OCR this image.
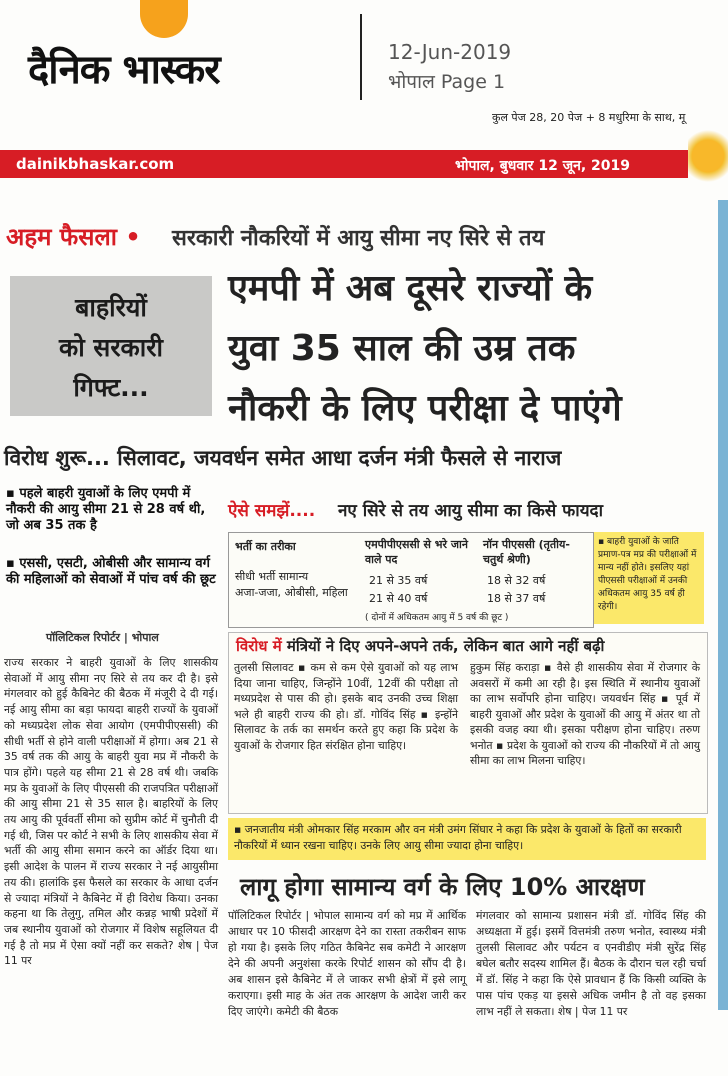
दैनिक भास्कर	12-Jun-2019
भोपाल Page 1
कुल पेज 28, 20 पेज + 8 मधुरिमा के साथ, मू
dainikbhaskar.com	भोपाल, बुधवार 12 जून, 2019
अहम फैसला • सरकारी नौकरियों में आयु सीमा नए सिरे से तय
बाहरियों
को सरकारी
गिफ्ट...
एमपी में अब दूसरे राज्यों के
युवा 35 साल की उम्र तक
नौकरी के लिए परीक्षा दे पाएंगे
विरोध शुरू... सिलावट, जयवर्धन समेत आधा दर्जन मंत्री फैसले से नाराज
▪ पहले बाहरी युवाओं के लिए एमपी में नौकरी की आयु सीमा 21 से 28 वर्ष थी, जो अब 35 तक है
▪ एससी, एसटी, ओबीसी और सामान्य वर्ग की महिलाओं को सेवाओं में पांच वर्ष की छूट
पॉलिटिकल रिपोर्टर | भोपाल
राज्य सरकार ने बाहरी युवाओं के लिए शासकीय सेवाओं में आयु सीमा नए सिरे से तय कर दी है। इसे मंगलवार को हुई कैबिनेट की बैठक में मंजूरी दे दी गई। नई आयु सीमा का बड़ा फायदा बाहरी राज्यों के युवाओं को मध्यप्रदेश लोक सेवा आयोग (एमपीपीएससी) की सीधी भर्ती से होने वाली परीक्षाओं में होगा। अब 21 से 35 वर्ष तक की आयु के बाहरी युवा मप्र में नौकरी के पात्र होंगे। पहले यह सीमा 21 से 28 वर्ष थी। जबकि मप्र के युवाओं के लिए पीएससी की राजपत्रित परीक्षाओं की आयु सीमा 21 से 35 साल है। बाहरियों के लिए तय आयु की पूर्ववर्ती सीमा को सुप्रीम कोर्ट में चुनौती दी गई थी, जिस पर कोर्ट ने सभी के लिए शासकीय सेवा में भर्ती की आयु सीमा समान करने का ऑर्डर दिया था। इसी आदेश के पालन में राज्य सरकार ने नई आयुसीमा तय की। हालांकि इस फैसले का सरकार के आधा दर्जन से ज्यादा मंत्रियों ने कैबिनेट में ही विरोध किया। उनका कहना था कि तेलुगु, तमिल और कन्नड़ भाषी प्रदेशों में जब स्थानीय युवाओं को रोजगार में विशेष सहूलियत दी गई है तो मप्र में ऐसा क्यों नहीं कर सकते? शेष | पेज 11 पर
ऐसे समझें.... नए सिरे से तय आयु सीमा का किसे फायदा
भर्ती का तरीका
सीधी भर्ती सामान्य
अजा-जजा, ओबीसी, महिला
एमपीपीएससी से भरे जाने वाले पद
21 से 35 वर्ष
21 से 40 वर्ष
नॉन पीएससी (तृतीय-चतुर्थ श्रेणी)
18 से 32 वर्ष
18 से 37 वर्ष
( दोनों में अधिकतम आयु में 5 वर्ष की छूट )
▪ बाहरी युवाओं के जाति प्रमाण-पत्र मप्र की परीक्षाओं में मान्य नहीं होते। इसलिए यहां पीएससी परीक्षाओं में उनकी अधिकतम आयु 35 वर्ष ही रहेगी।
विरोध में मंत्रियों ने दिए अपने-अपने तर्क, लेकिन बात आगे नहीं बढ़ी
तुलसी सिलावट ▪ कम से कम ऐसे युवाओं को यह लाभ दिया जाना चाहिए, जिन्होंने 10वीं, 12वीं की परीक्षा तो मध्यप्रदेश से पास की हो। इसके बाद उनकी उच्च शिक्षा भले ही बाहरी राज्य की हो। डॉ. गोविंद सिंह ▪ इन्होंने सिलावट के तर्क का समर्थन करते हुए कहा कि प्रदेश के युवाओं के रोजगार हित संरक्षित होना चाहिए।
हुकुम सिंह कराड़ा ▪ वैसे ही शासकीय सेवा में रोजगार के अवसरों में कमी आ रही है। इस स्थिति में स्थानीय युवाओं का लाभ सर्वोपरि होना चाहिए। जयवर्धन सिंह ▪ पूर्व में बाहरी युवाओं और प्रदेश के युवाओं की आयु में अंतर था तो इसकी वजह क्या थी। इसका परीक्षण होना चाहिए। तरुण भनोत ▪ प्रदेश के युवाओं को राज्य की नौकरियों में तो आयु सीमा का लाभ मिलना चाहिए।
▪ जनजातीय मंत्री ओमकार सिंह मरकाम और वन मंत्री उमंग सिंघार ने कहा कि प्रदेश के युवाओं के हितों का सरकारी नौकरियों में ध्यान रखना चाहिए। उनके लिए आयु सीमा ज्यादा होना चाहिए।
लागू होगा सामान्य वर्ग के लिए 10% आरक्षण
पॉलिटिकल रिपोर्टर | भोपाल सामान्य वर्ग को मप्र में आर्थिक आधार पर 10 फीसदी आरक्षण देने का रास्ता तकरीबन साफ हो गया है। इसके लिए गठित कैबिनेट सब कमेटी ने आरक्षण देने की अपनी अनुशंसा करके रिपोर्ट शासन को सौंप दी है। अब शासन इसे कैबिनेट में ले जाकर सभी क्षेत्रों में इसे लागू कराएगा। इसी माह के अंत तक आरक्षण के आदेश जारी कर दिए जाएंगे। कमेटी की बैठक
मंगलवार को सामान्य प्रशासन मंत्री डॉ. गोविंद सिंह की अध्यक्षता में हुई। इसमें वित्तमंत्री तरुण भनोत, स्वास्थ्य मंत्री तुलसी सिलावट और पर्यटन व एनवीडीए मंत्री सुरेंद्र सिंह बघेल बतौर सदस्य शामिल हैं। बैठक के दौरान चल रही चर्चा में डॉ. सिंह ने कहा कि ऐसे प्रावधान हैं कि किसी व्यक्ति के पास पांच एकड़ या इससे अधिक जमीन है तो वह इसका लाभ नहीं ले सकता। शेष | पेज 11 पर
